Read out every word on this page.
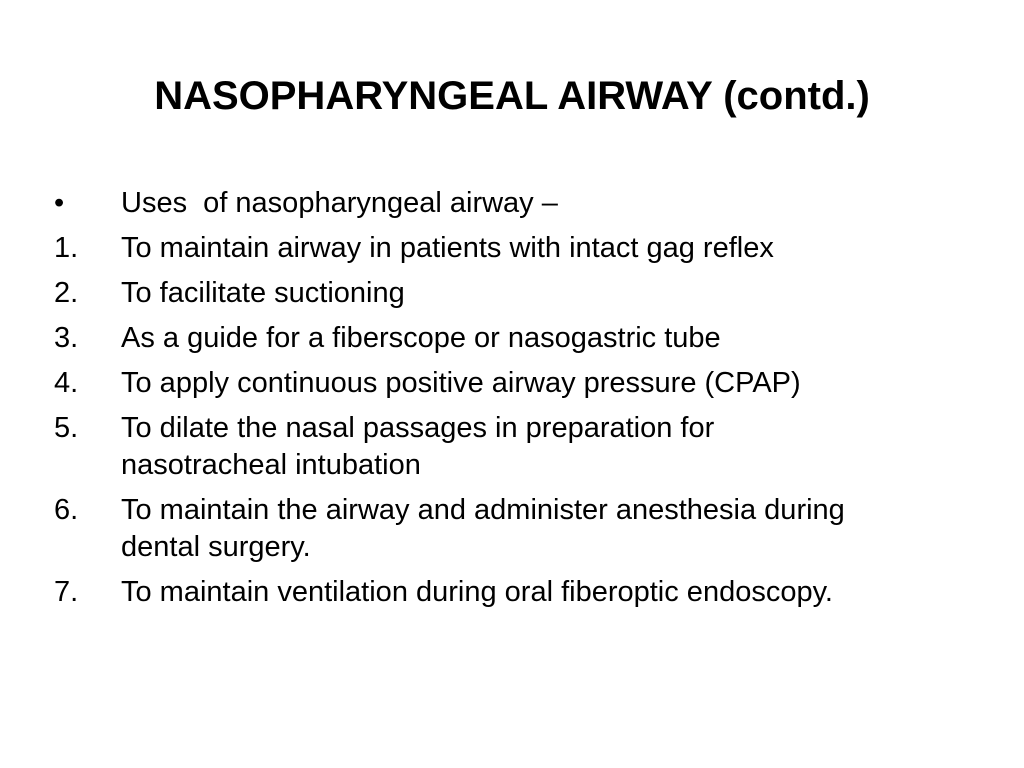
NASOPHARYNGEAL AIRWAY (contd.)
• Uses  of nasopharyngeal airway –
1. To maintain airway in patients with intact gag reflex
2. To facilitate suctioning
3. As a guide for a fiberscope or nasogastric tube
4. To apply continuous positive airway pressure (CPAP)
5. To dilate the nasal passages in preparation for nasotracheal intubation
6. To maintain the airway and administer anesthesia during dental surgery.
7. To maintain ventilation during oral fiberoptic endoscopy.
